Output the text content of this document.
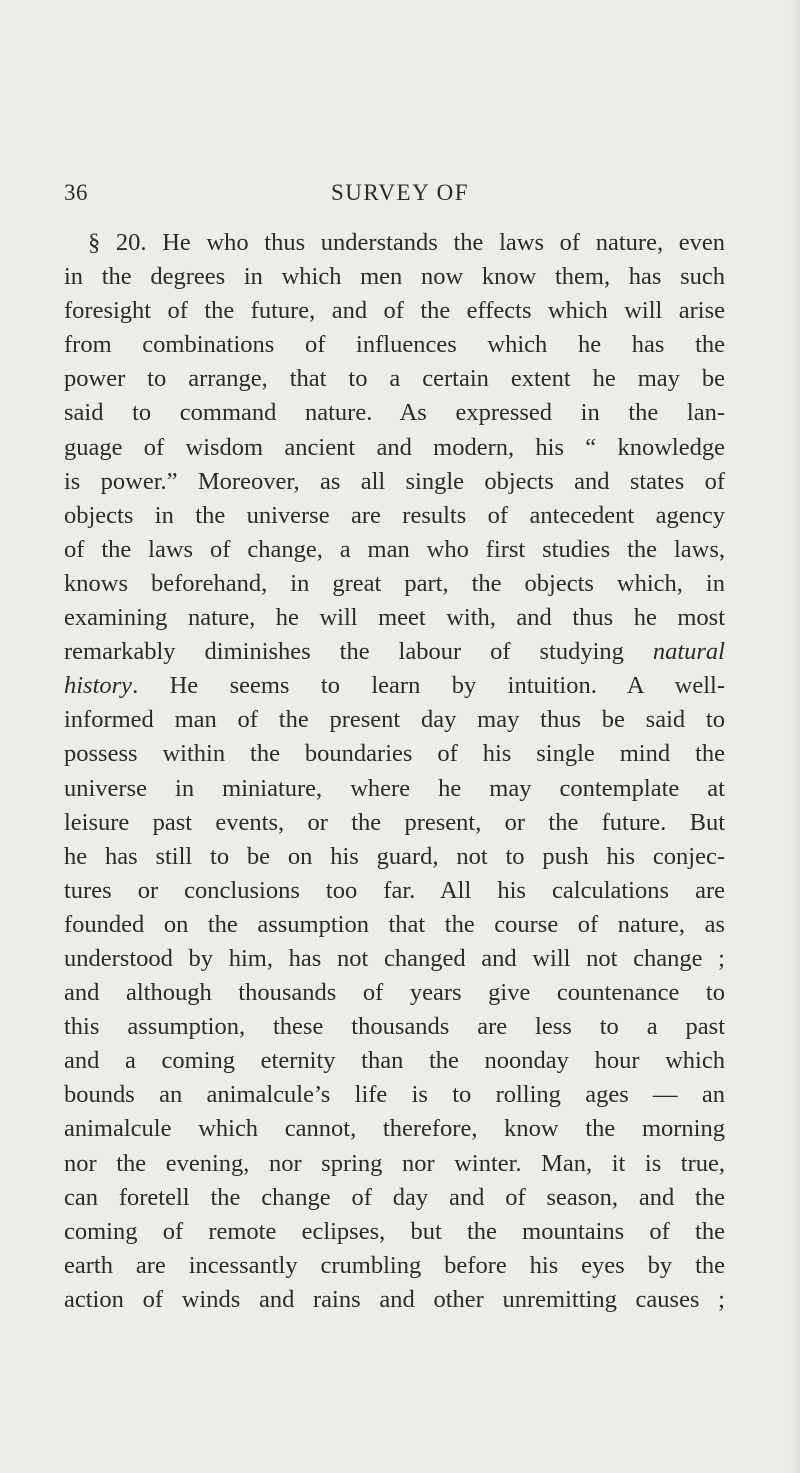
36	SURVEY OF
§ 20. He who thus understands the laws of nature, even
in the degrees in which men now know them, has such
foresight of the future, and of the effects which will arise
from combinations of influences which he has the
power to arrange, that to a certain extent he may be
said to command nature. As expressed in the lan-
guage of wisdom ancient and modern, his “ knowledge
is power.” Moreover, as all single objects and states of
objects in the universe are results of antecedent agency
of the laws of change, a man who first studies the laws,
knows beforehand, in great part, the objects which, in
examining nature, he will meet with, and thus he most
remarkably diminishes the labour of studying natural
history. He seems to learn by intuition. A well-
informed man of the present day may thus be said to
possess within the boundaries of his single mind the
universe in miniature, where he may contemplate at
leisure past events, or the present, or the future. But
he has still to be on his guard, not to push his conjec-
tures or conclusions too far. All his calculations are
founded on the assumption that the course of nature, as
understood by him, has not changed and will not change ;
and although thousands of years give countenance to
this assumption, these thousands are less to a past
and a coming eternity than the noonday hour which
bounds an animalcule’s life is to rolling ages — an
animalcule which cannot, therefore, know the morning
nor the evening, nor spring nor winter. Man, it is true,
can foretell the change of day and of season, and the
coming of remote eclipses, but the mountains of the
earth are incessantly crumbling before his eyes by the
action of winds and rains and other unremitting causes ;
